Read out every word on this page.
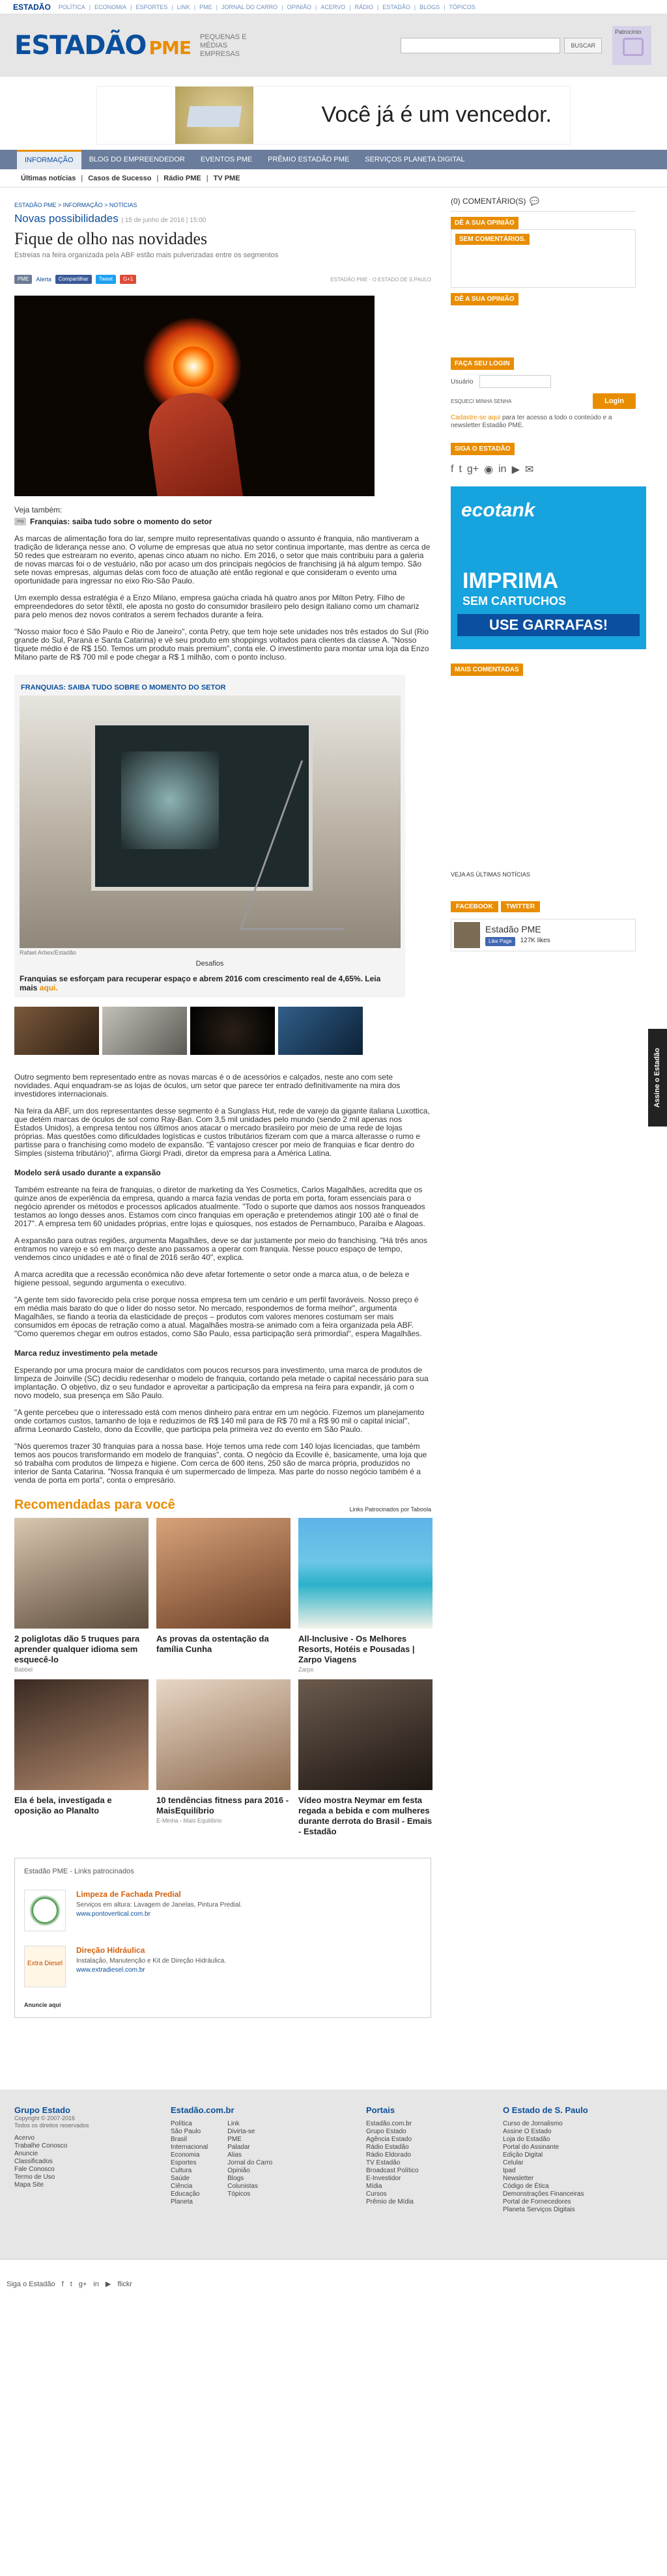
ESTADÃO POLÍTICA | ECONOMIA | ESPORTES | LINK | PME | JORNAL DO CARRO | OPINIÃO | ACERVO | RÁDIO | ESTADÃO | BLOGS | TÓPICOS
ESTADÃO PME
PEQUENAS E MÉDIAS EMPRESAS
BUSCAR
Patrocínio
Você já é um vencedor.
INFORMAÇÃO	BLOG DO EMPREENDEDOR	EVENTOS PME	PRÊMIO ESTADÃO PME	SERVIÇOS PLANETA DIGITAL
Últimas notícias | Casos de Sucesso | Rádio PME | TV PME
ESTADÃO PME > INFORMAÇÃO > NOTÍCIAS
Novas possibilidades | 15 de junho de 2016 | 15:00
Fique de olho nas novidades
Estreias na feira organizada pela ABF estão mais pulverizadas entre os segmentos
PME	Alerta	Compartilhar	Tweet	G+1	ESTADÃO PME - O ESTADO DE S.PAULO
Veja também:
img Franquias: saiba tudo sobre o momento do setor

As marcas de alimentação fora do lar, sempre muito representativas quando o assunto é franquia, não mantiveram a tradição de liderança nesse ano. O volume de empresas que atua no setor continua importante, mas dentre as cerca de 50 redes que estrearam no evento, apenas cinco atuam no nicho. Em 2016, o setor que mais contribuiu para a galeria de novas marcas foi o de vestuário, não por acaso um dos principais negócios de franchising já há algum tempo. São sete novas empresas, algumas delas com foco de atuação até então regional e que consideram o evento uma oportunidade para ingressar no eixo Rio-São Paulo.

Um exemplo dessa estratégia é a Enzo Milano, empresa gaúcha criada há quatro anos por Milton Petry. Filho de empreendedores do setor têxtil, ele aposta no gosto do consumidor brasileiro pelo design italiano como um chamariz para pelo menos dez novos contratos a serem fechados durante a feira.

"Nosso maior foco é São Paulo e Rio de Janeiro", conta Petry, que tem hoje sete unidades nos três estados do Sul (Rio grande do Sul, Paraná e Santa Catarina) e vê seu produto em shoppings voltados para clientes da classe A. "Nosso tíquete médio é de R$ 150. Temos um produto mais premium", conta ele. O investimento para montar uma loja da Enzo Milano parte de R$ 700 mil e pode chegar a R$ 1 milhão, com o ponto incluso.

FRANQUIAS: SAIBA TUDO SOBRE O MOMENTO DO SETOR
Rafael Arbex/Estadão
Desafios
Franquias se esforçam para recuperar espaço e abrem 2016 com crescimento real de 4,65%. Leia mais aqui.

Outro segmento bem representado entre as novas marcas é o de acessórios e calçados, neste ano com sete novidades. Aqui enquadram-se as lojas de óculos, um setor que parece ter entrado definitivamente na mira dos investidores internacionais.

Na feira da ABF, um dos representantes desse segmento é a Sunglass Hut, rede de varejo da gigante italiana Luxottica, que detém marcas de óculos de sol como Ray-Ban. Com 3,5 mil unidades pelo mundo (sendo 2 mil apenas nos Estados Unidos), a empresa tentou nos últimos anos atacar o mercado brasileiro por meio de uma rede de lojas próprias. Mas questões como dificuldades logísticas e custos tributários fizeram com que a marca alterasse o rumo e partisse para o franchising como modelo de expansão. "É vantajoso crescer por meio de franquias e ficar dentro do Simples (sistema tributário)", afirma Giorgi Pradi, diretor da empresa para a América Latina.

Modelo será usado durante a expansão

Também estreante na feira de franquias, o diretor de marketing da Yes Cosmetics, Carlos Magalhães, acredita que os quinze anos de experiência da empresa, quando a marca fazia vendas de porta em porta, foram essenciais para o negócio aprender os métodos e processos aplicados atualmente. "Todo o suporte que damos aos nossos franqueados testamos ao longo desses anos. Estamos com cinco franquias em operação e pretendemos atingir 100 até o final de 2017". A empresa tem 60 unidades próprias, entre lojas e quiosques, nos estados de Pernambuco, Paraíba e Alagoas.

A expansão para outras regiões, argumenta Magalhães, deve se dar justamente por meio do franchising. "Há três anos entramos no varejo e só em março deste ano passamos a operar com franquia. Nesse pouco espaço de tempo, vendemos cinco unidades e até o final de 2016 serão 40", explica.

A marca acredita que a recessão econômica não deve afetar fortemente o setor onde a marca atua, o de beleza e higiene pessoal, segundo argumenta o executivo.

"A gente tem sido favorecido pela crise porque nossa empresa tem um cenário e um perfil favoráveis. Nosso preço é em média mais barato do que o líder do nosso setor. No mercado, respondemos de forma melhor", argumenta Magalhães, se fiando a teoria da elasticidade de preços – produtos com valores menores costumam ser mais consumidos em épocas de retração como a atual. Magalhães mostra-se animado com a feira organizada pela ABF. "Como queremos chegar em outros estados, como São Paulo, essa participação será primordial", espera Magalhães.

Marca reduz investimento pela metade

Esperando por uma procura maior de candidatos com poucos recursos para investimento, uma marca de produtos de limpeza de Joinville (SC) decidiu redesenhar o modelo de franquia, cortando pela metade o capital necessário para sua implantação. O objetivo, diz o seu fundador e aproveitar a participação da empresa na feira para expandir, já com o novo modelo, sua presença em São Paulo.

"A gente percebeu que o interessado está com menos dinheiro para entrar em um negócio. Fizemos um planejamento onde cortamos custos, tamanho de loja e reduzimos de R$ 140 mil para de R$ 70 mil a R$ 90 mil o capital inicial", afirma Leonardo Castelo, dono da Ecoville, que participa pela primeira vez do evento em São Paulo.

"Nós queremos trazer 30 franquias para a nossa base. Hoje temos uma rede com 140 lojas licenciadas, que também temos aos poucos transformando em modelo de franquias", conta. O negócio da Ecoville é, basicamente, uma loja que só trabalha com produtos de limpeza e higiene. Com cerca de 600 itens, 250 são de marca própria, produzidos no interior de Santa Catarina. "Nossa franquia é um supermercado de limpeza. Mas parte do nosso negócio também é a venda de porta em porta", conta o empresário.

Recomendadas para você	Links Patrocinados por Taboola
2 poliglotas dão 5 truques para aprender qualquer idioma sem esquecê-lo
Babbel
As provas da ostentação da família Cunha
All-Inclusive - Os Melhores Resorts, Hotéis e Pousadas | Zarpo Viagens
Zarpo
Ela é bela, investigada e oposição ao Planalto
10 tendências fitness para 2016 - MaisEquilíbrio
E-Minha - Mais Equilíbrio
Vídeo mostra Neymar em festa regada a bebida e com mulheres durante derrota do Brasil - Emais - Estadão
Estadão PME - Links patrocinados
Limpeza de Fachada Predial
Serviços em altura: Lavagem de Janelas, Pintura Predial.
www.pontovertical.com.br
Extra Diesel
Direção Hidráulica
Instalação, Manutenção e Kit de Direção Hidráulica.
www.extradiesel.com.br
Anuncie aqui
(0) COMENTÁRIO(S) 💬
DÊ A SUA OPINIÃO
SEM COMENTÁRIOS.
DÊ A SUA OPINIÃO
FAÇA SEU LOGIN
Usuário
ESQUECI MINHA SENHA	Login
Cadastre-se aqui para ter acesso a todo o conteúdo e a newsletter Estadão PME.
SIGA O ESTADÃO
f t g+ ◉ in ▶ ✉
ecotank
IMPRIMA
SEM CARTUCHOS
USE GARRAFAS!
MAIS COMENTADAS
VEJA AS ÚLTIMAS NOTÍCIAS
FACEBOOK	TWITTER
Estadão PME
Like Page	127K likes
Assine o Estadão
Grupo Estado
Copyright © 2007-2016
Todos os direitos reservados
Acervo
Trabalhe Conosco
Anuncie
Classificados
Fale Conosco
Termo de Uso
Mapa Site
Estadão.com.br
Política
São Paulo
Brasil
Internacional
Economia
Esportes
Cultura
Saúde
Ciência
Educação
Planeta
Link
Divirta-se
PME
Paladar
Alias
Jornal do Carro
Opinião
Blogs
Colunistas
Tópicos
Portais
Estadão.com.br
Grupo Estado
Agência Estado
Rádio Estadão
Rádio Eldorado
TV Estadão
Broadcast Político
E-Investidor
Mídia
Cursos
Prêmio de Mídia
O Estado de S. Paulo
Curso de Jornalismo
Assine O Estado
Loja do Estadão
Portal do Assinante
Edição Digital
Celular
Ipad
Newsletter
Código de Ética
Demonstrações Financeiras
Portal de Fornecedores
Planeta Serviços Digitais
Siga o Estadão f t g+ in ▶ flickr
